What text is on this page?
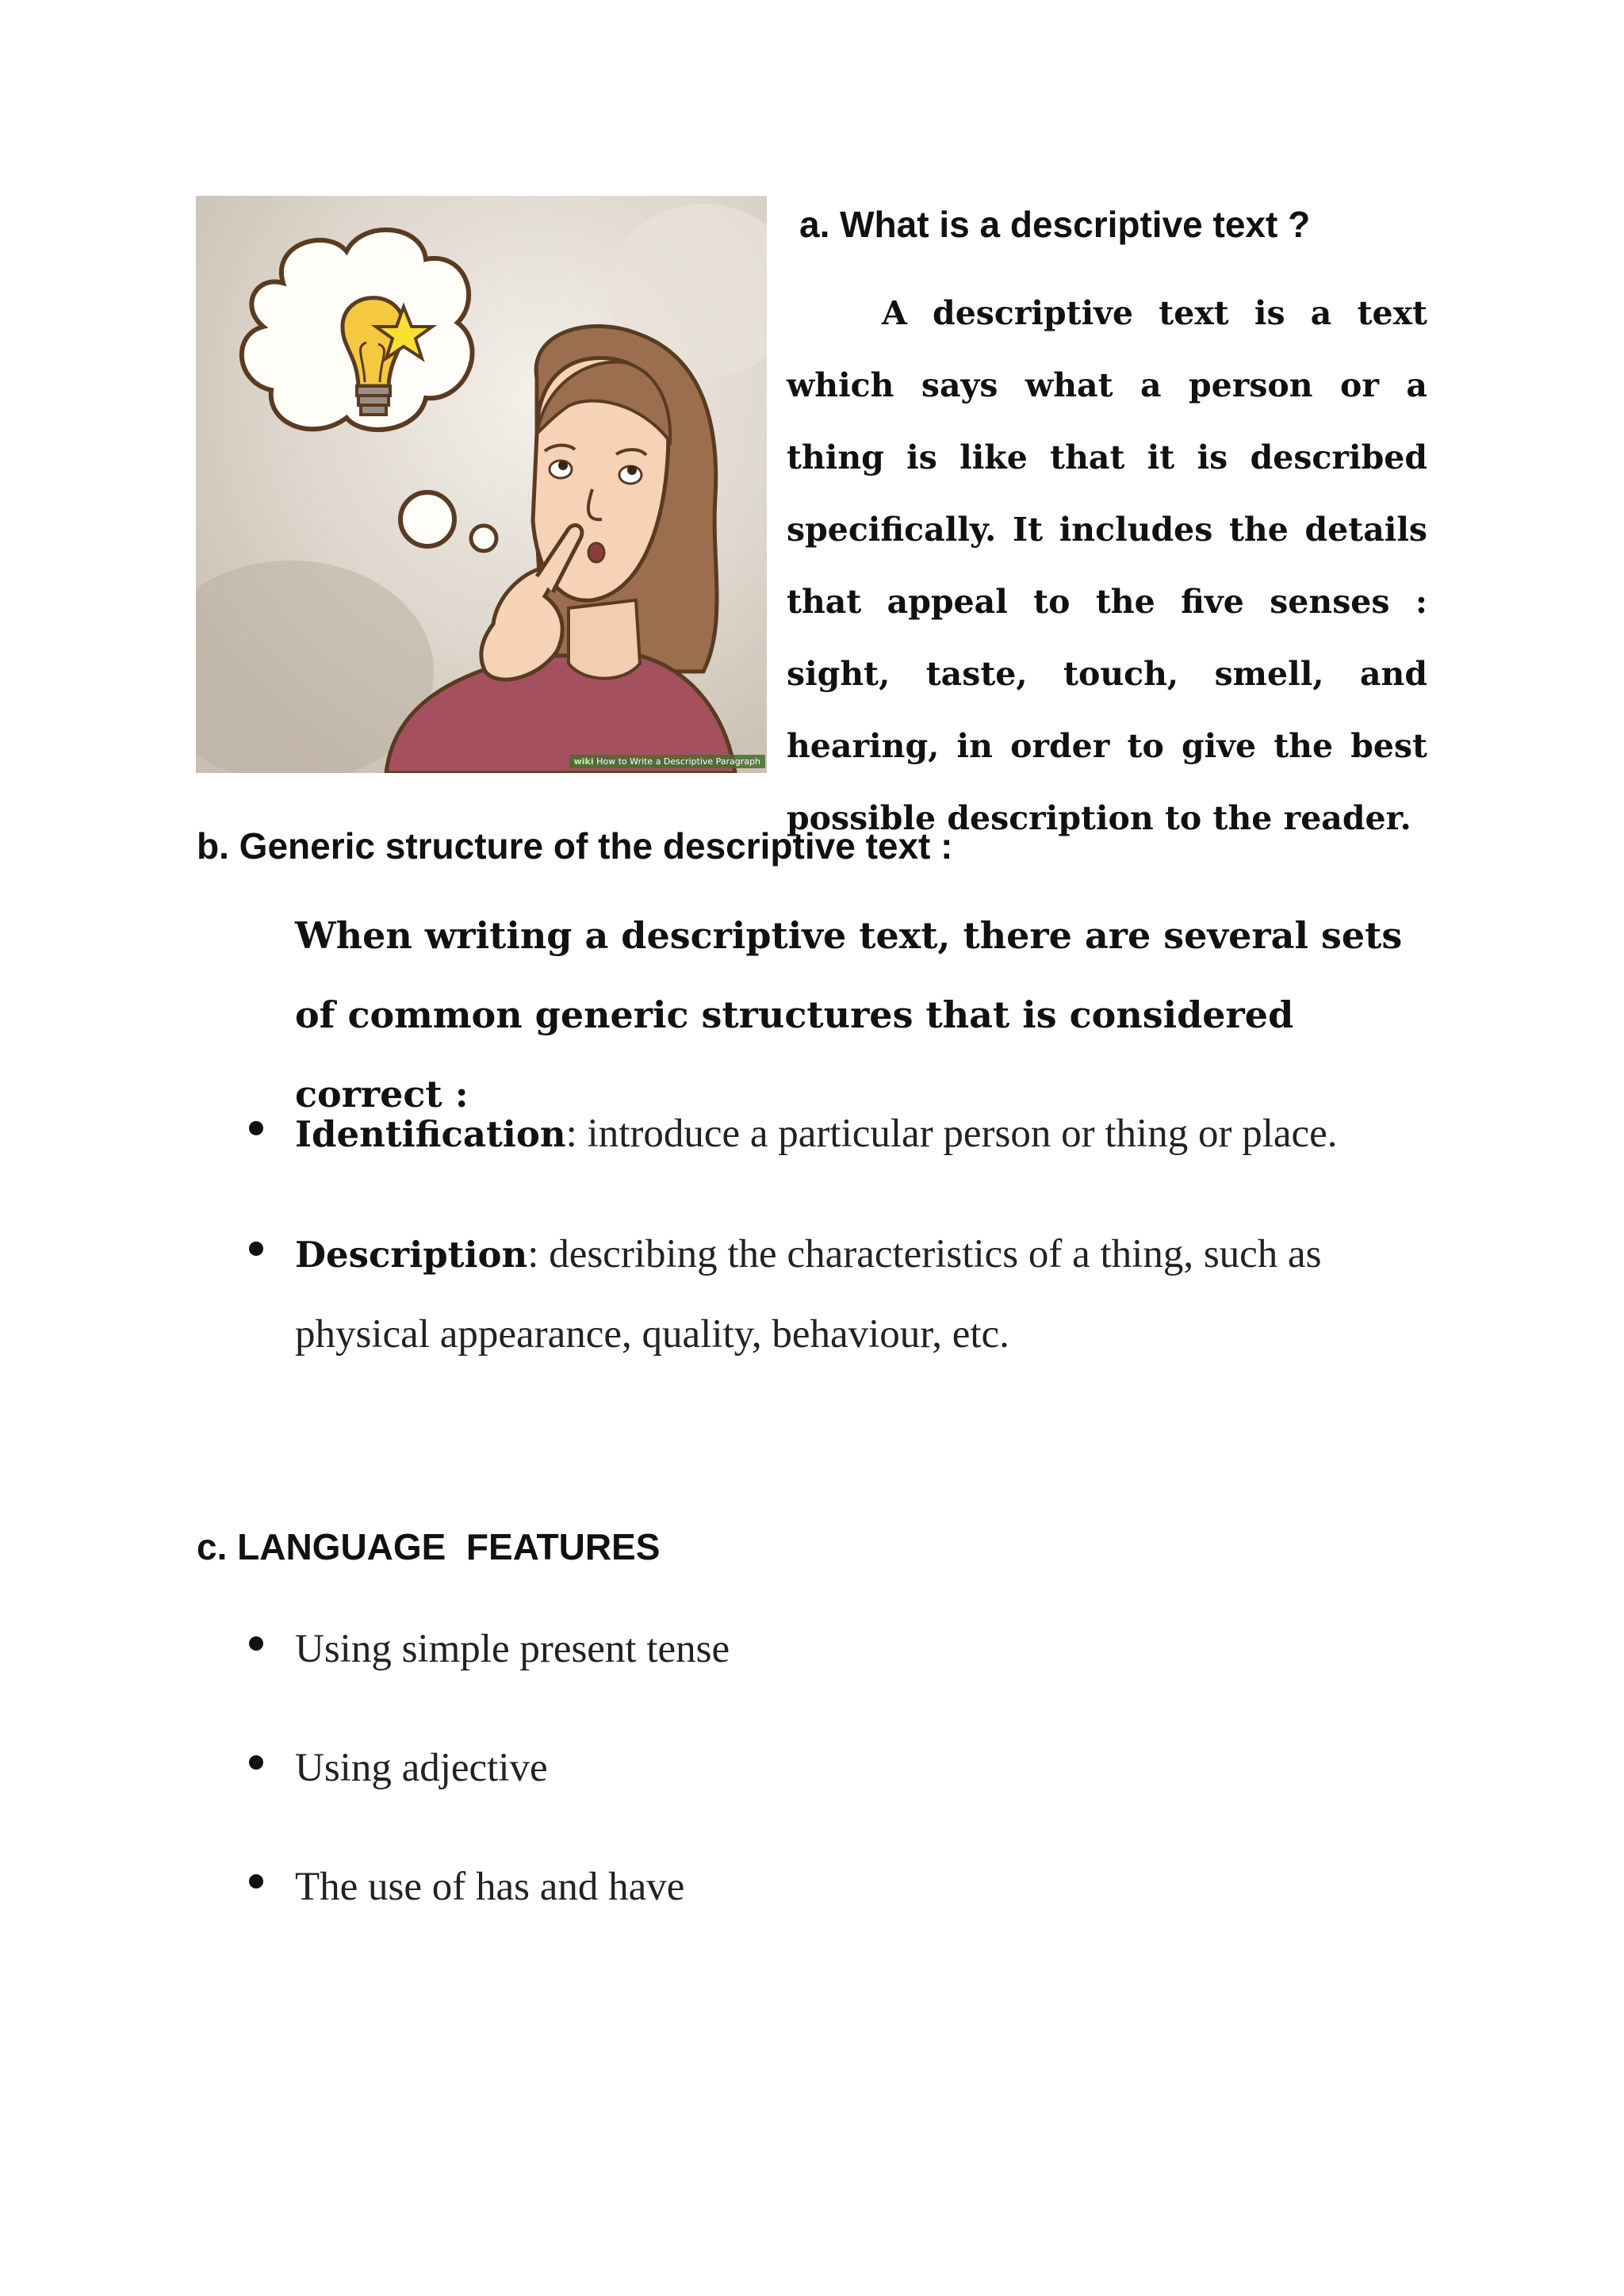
wiki How to Write a Descriptive Paragraph
a. What is a descriptive text ?

A descriptive text is a text which says what a person or a thing is like that it is described specifically. It includes the details that appeal to the five senses : sight, taste, touch, smell, and hearing, in order to give the best possible description to the reader.

b. Generic structure of the descriptive text :

When writing a descriptive text, there are several sets of common generic structures that is considered correct :

Identification: introduce a particular person or thing or place.

Description: describing the characteristics of a thing, such as physical appearance, quality, behaviour, etc.

c. LANGUAGE  FEATURES

Using simple present tense

Using adjective

The use of has and have
